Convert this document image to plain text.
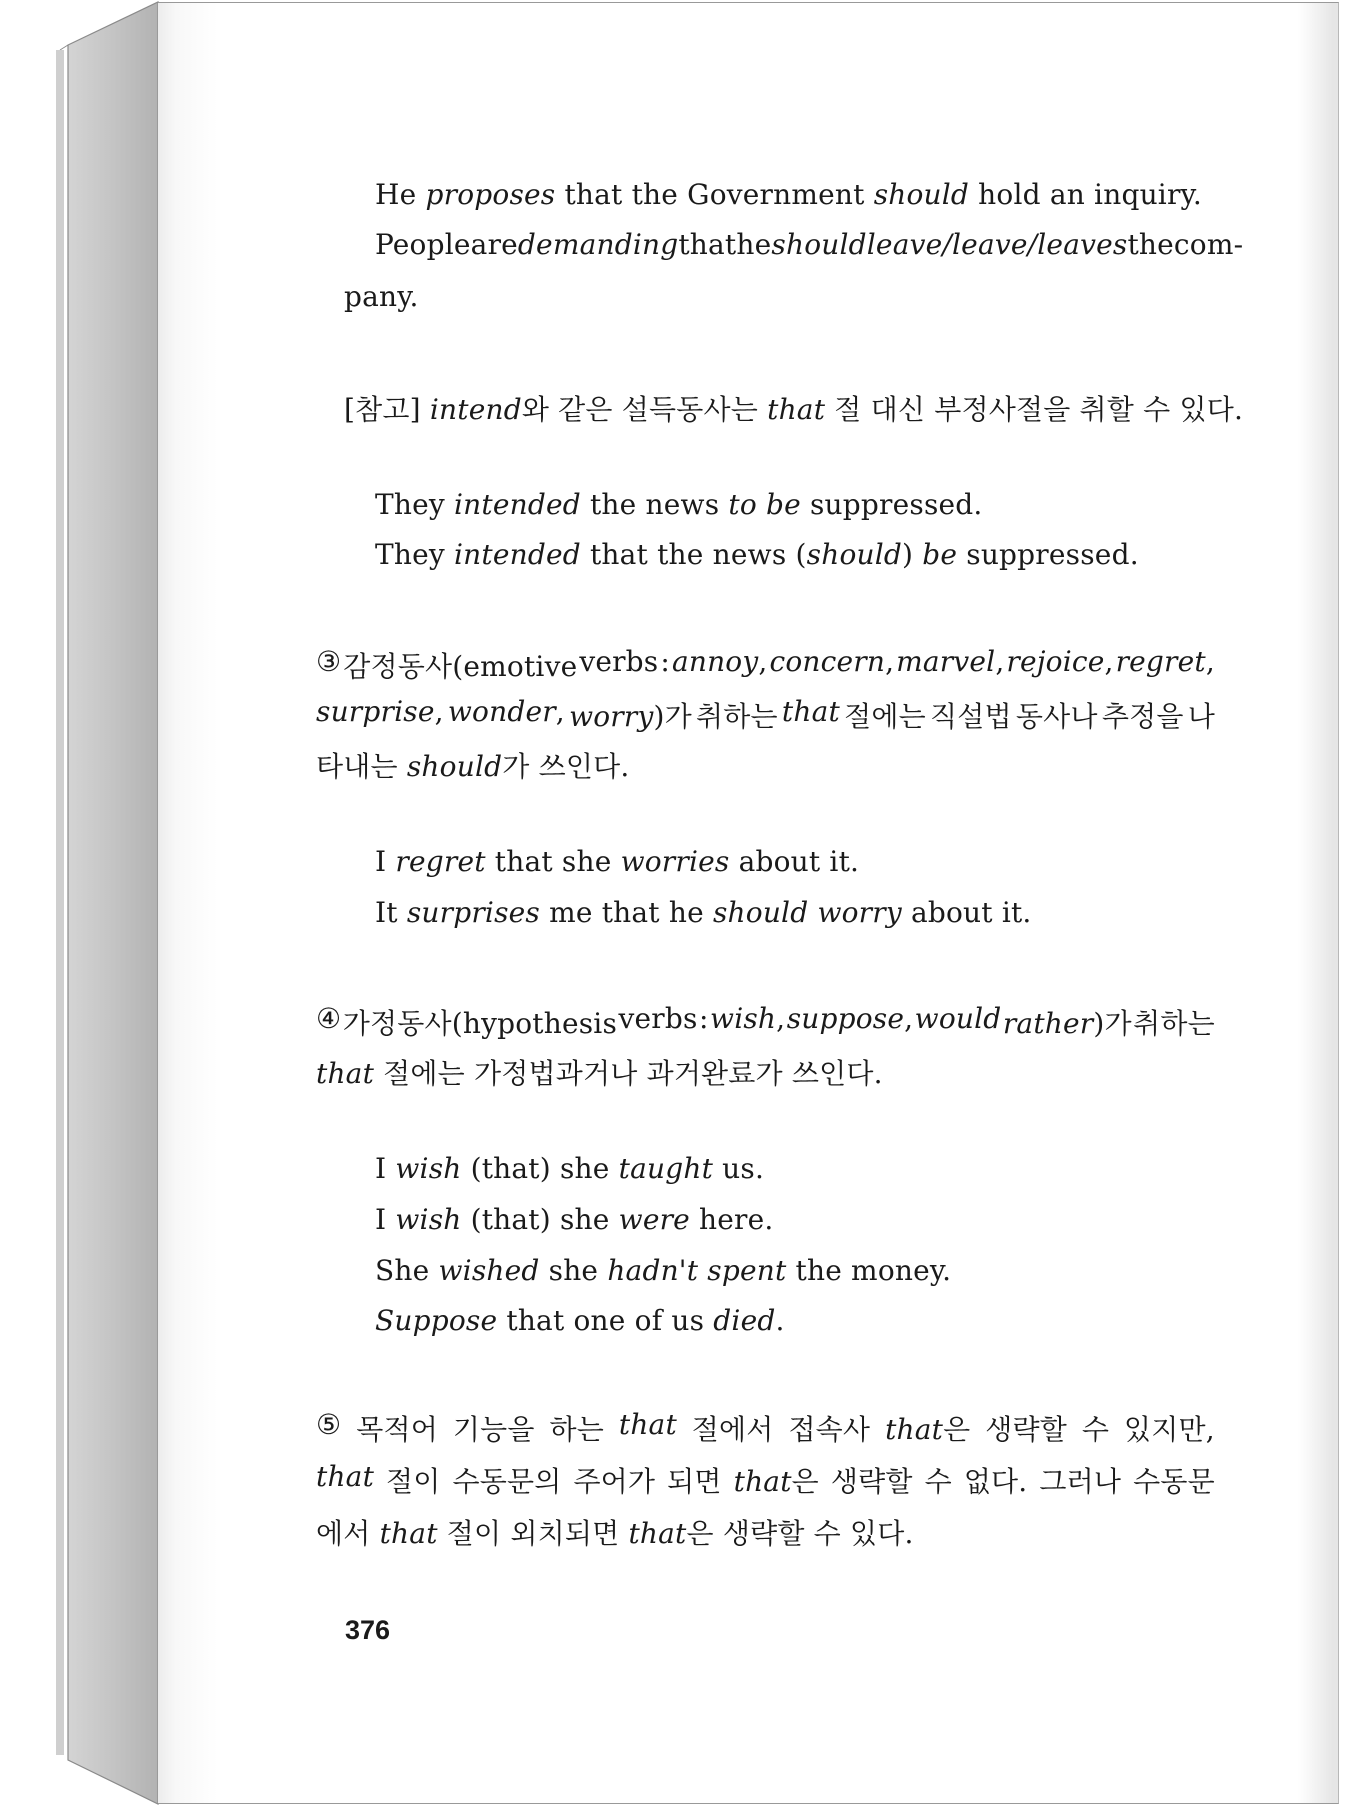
He proposes that the Government should hold an inquiry.
People are demanding that he should leave / leave / leaves the com-
pany.
[참고] intend와 같은 설득동사는 that 절 대신 부정사절을 취할 수 있다.
They intended the news to be suppressed.
They intended that the news (should) be suppressed.
③ 감정동사(emotive verbs : annoy, concern, marvel, rejoice, regret,
surprise, wonder, worry)가 취하는 that 절에는 직설법 동사나 추정을 나
타내는 should가 쓰인다.
I regret that she worries about it.
It surprises me that he should worry about it.
④ 가정동사(hypothesis verbs : wish, suppose, would rather)가 취하는
that 절에는 가정법과거나 과거완료가 쓰인다.
I wish (that) she taught us.
I wish (that) she were here.
She wished she hadn't spent the money.
Suppose that one of us died.
⑤ 목적어 기능을 하는 that 절에서 접속사 that은 생략할 수 있지만,
that 절이 수동문의 주어가 되면 that은 생략할 수 없다. 그러나 수동문
에서 that 절이 외치되면 that은 생략할 수 있다.
376
